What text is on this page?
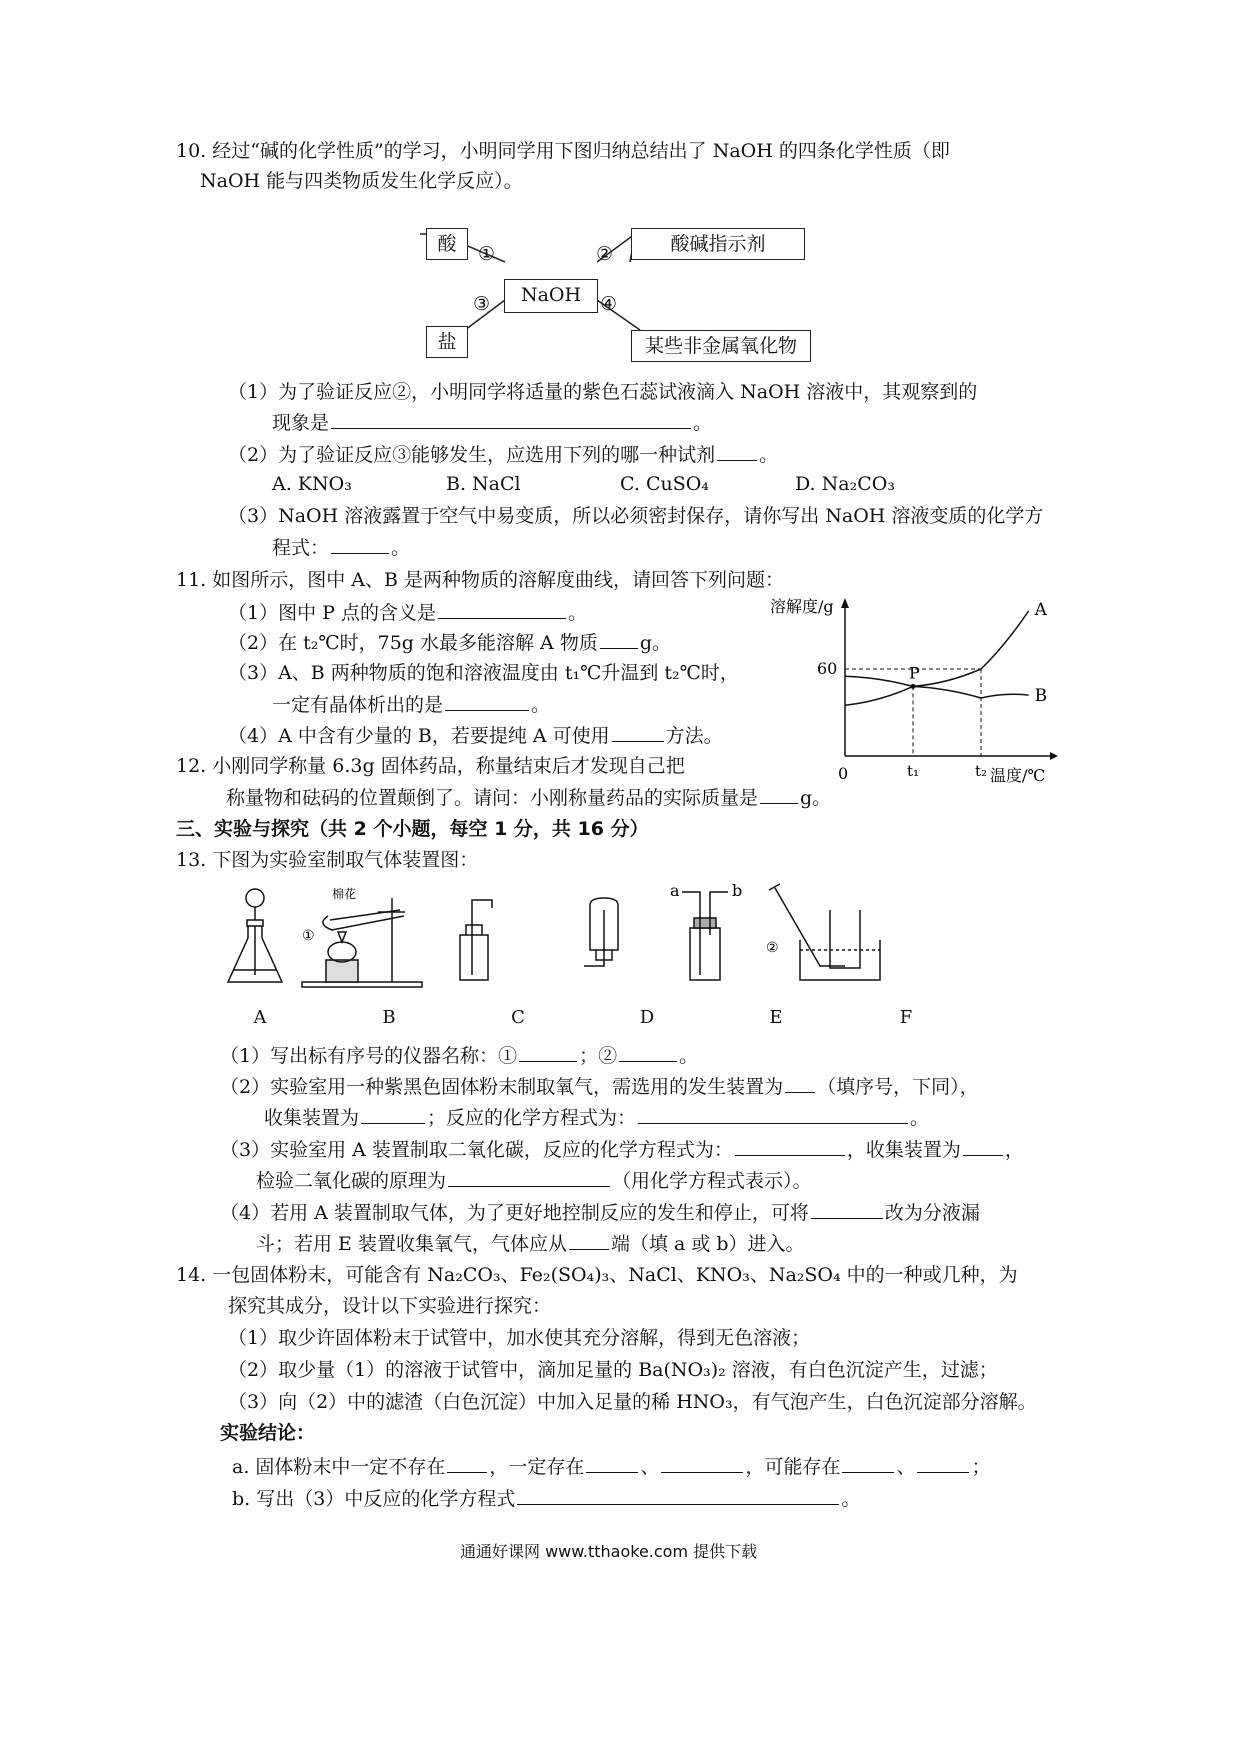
10. 经过“碱的化学性质”的学习，小明同学用下图归纳总结出了 NaOH 的四条化学性质（即
NaOH 能与四类物质发生化学反应）。
酸	酸碱指示剂
NaOH
盐	某些非金属氧化物
①	②
③	④
（1）为了验证反应②，小明同学将适量的紫色石蕊试液滴入 NaOH 溶液中，其观察到的
现象是	。
（2）为了验证反应③能够发生，应选用下列的哪一种试剂 。
A. KNO₃	B. NaCl	C. CuSO₄	D. Na₂CO₃
（3）NaOH 溶液露置于空气中易变质，所以必须密封保存，请你写出 NaOH 溶液变质的化学方
程式：	。
11. 如图所示，图中 A、B 是两种物质的溶解度曲线，请回答下列问题：
（1）图中 P 点的含义是	。
（2）在 t₂℃时，75g 水最多能溶解 A 物质 g。
（3）A、B 两种物质的饱和溶液温度由 t₁℃升温到 t₂℃时，
一定有晶体析出的是	。
（4）A 中含有少量的 B，若要提纯 A 可使用	方法。
溶解度/g
温度/℃
0
A
B
P
60
t₁	t₂
12. 小刚同学称量 6.3g 固体药品，称量结束后才发现自己把
称量物和砝码的位置颠倒了。请问：小刚称量药品的实际质量是 g。
三、实验与探究（共 2 个小题，每空 1 分，共 16 分）
13. 下图为实验室制取气体装置图：
a	b
棉花
①
②
A	B	C	D	E	F
（1）写出标有序号的仪器名称：①	；②	。
（2）实验室用一种紫黑色固体粉末制取氧气，需选用的发生装置为 （填序号，下同），
收集装置为	；反应的化学方程式为：	。
（3）实验室用 A 装置制取二氧化碳，反应的化学方程式为：	，收集装置为 ，
检验二氧化碳的原理为	（用化学方程式表示）。
（4）若用 A 装置制取气体，为了更好地控制反应的发生和停止，可将	改为分液漏
斗；若用 E 装置收集氧气，气体应从 端（填 a 或 b）进入。
14. 一包固体粉末，可能含有 Na₂CO₃、Fe₂(SO₄)₃、NaCl、KNO₃、Na₂SO₄ 中的一种或几种，为
探究其成分，设计以下实验进行探究：
（1）取少许固体粉末于试管中，加水使其充分溶解，得到无色溶液；
（2）取少量（1）的溶液于试管中，滴加足量的 Ba(NO₃)₂ 溶液，有白色沉淀产生，过滤；
（3）向（2）中的滤渣（白色沉淀）中加入足量的稀 HNO₃，有气泡产生，白色沉淀部分溶解。
实验结论：
a. 固体粉末中一定不存在 ，一定存在	、	，可能存在	、	；
b. 写出（3）中反应的化学方程式	。
通通好课网 www.tthaoke.com 提供下载
